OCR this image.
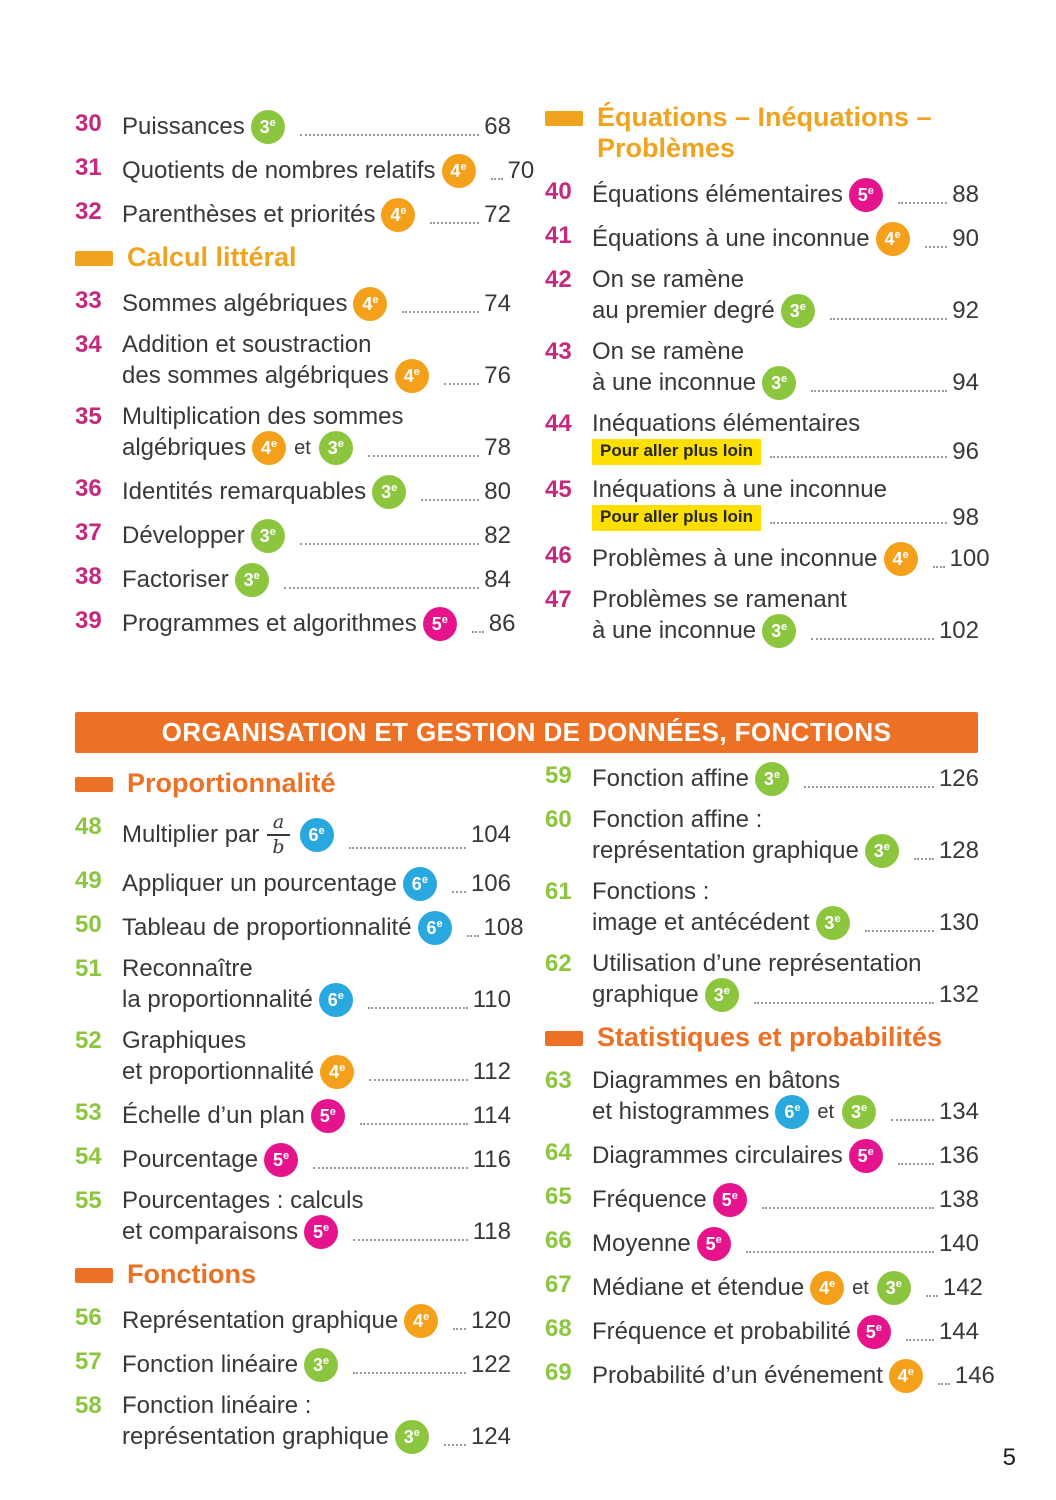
30 Puissances 3 e	68
31 Quotients de nombres relatifs 4 e 70
32 Parenthèses et priorités 4 e	72
Calcul littéral
33 Sommes algébriques 4 e	74
34 Addition et soustraction
des sommes algébriques 4 e	76
35 Multiplication des sommes
algébriques 4 e et 3 e	78
36 Identités remarquables 3 e	80
37 Développer 3 e	82
38 Factoriser 3 e	84
39 Programmes et algorithmes 5 e 86
Équations – Inéquations –
Problèmes
40 Équations élémentaires 5 e	88
41 Équations à une inconnue 4 e 90
42 On se ramène
au premier degré 3 e	92
43 On se ramène
à une inconnue 3 e	94
44 Inéquations élémentaires
Pour aller plus loin	96
45 Inéquations à une inconnue
Pour aller plus loin	98
46 Problèmes à une inconnue 4 e 100
47 Problèmes se ramenant
à une inconnue 3 e	102
ORGANISATION ET GESTION DE DONNÉES, FONCTIONS
Proportionnalité
48 Multiplier par $\frac{a}{b} 6$ e	104
49 Appliquer un pourcentage 6 e 106
50 Tableau de proportionnalité 6 e 108
51 Reconnaître
la proportionnalité 6 e	110
52 Graphiques
et proportionnalité 4 e	112
53 Échelle d’un plan 5 e	114
54 Pourcentage 5 e	116
55 Pourcentages : calculs
et comparaisons 5 e	118
Fonctions
56 Représentation graphique 4 e 120
57 Fonction linéaire 3 e	122
58 Fonction linéaire :
représentation graphique 3 e 124
59 Fonction affine 3 e	126
60 Fonction affine :
représentation graphique 3 e 128
61 Fonctions :
image et antécédent 3 e	130
62 Utilisation d’une représentation
graphique 3 e	132
Statistiques et probabilités
63 Diagrammes en bâtons
et histogrammes 6 e et 3 e	134
64 Diagrammes circulaires 5 e	136
65 Fréquence 5 e	138
66 Moyenne 5 e	140
67 Médiane et étendue 4 e et 3 e 142
68 Fréquence et probabilité 5 e 144
69 Probabilité d’un événement 4 e 146
5
